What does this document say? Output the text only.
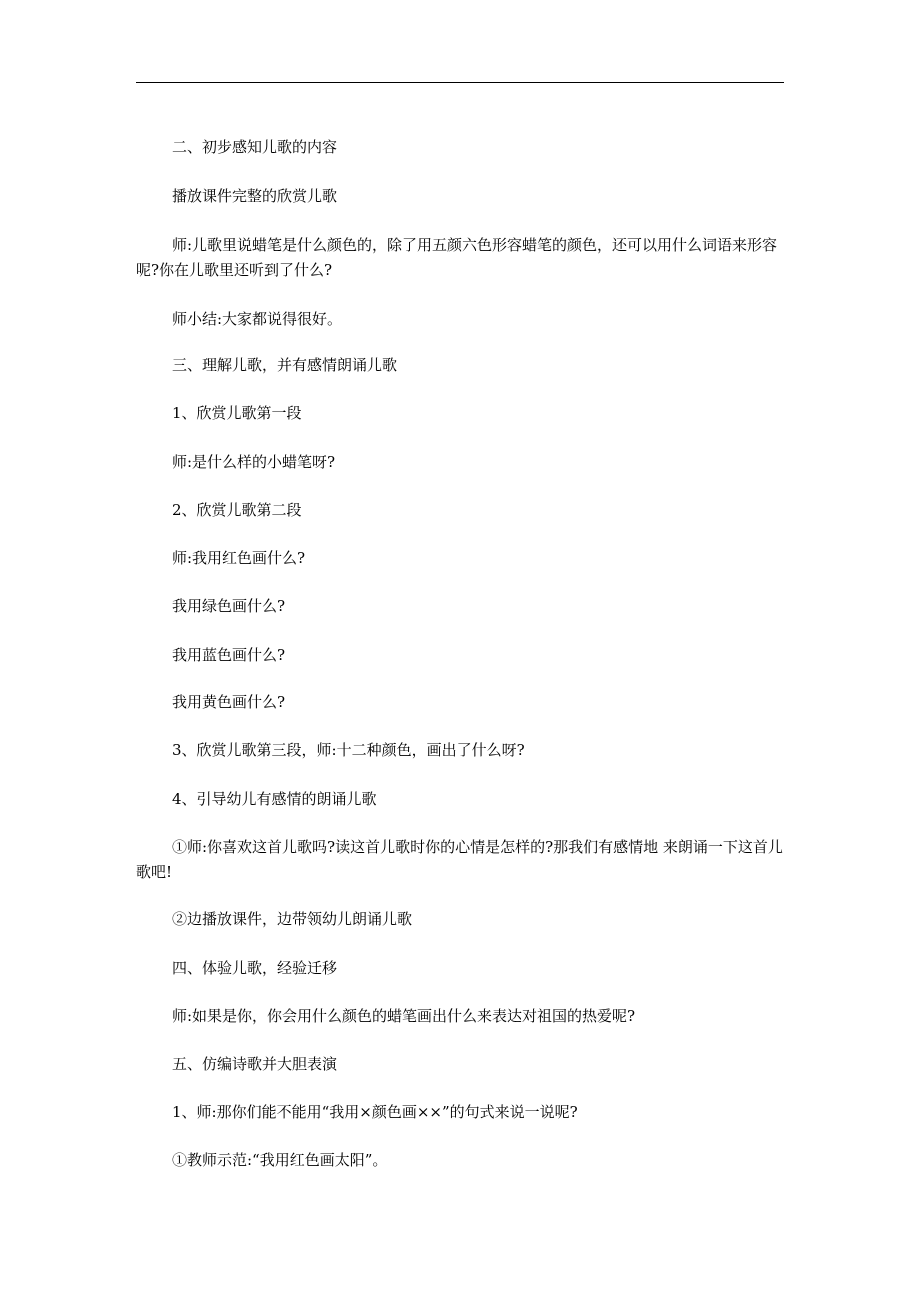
二、初步感知儿歌的内容
播放课件完整的欣赏儿歌
师:儿歌里说蜡笔是什么颜色的，除了用五颜六色形容蜡笔的颜色，还可以用什么词语来形容呢?你在儿歌里还听到了什么?
师小结:大家都说得很好。
三、理解儿歌，并有感情朗诵儿歌
1、欣赏儿歌第一段
师:是什么样的小蜡笔呀?
2、欣赏儿歌第二段
师:我用红色画什么?
我用绿色画什么?
我用蓝色画什么?
我用黄色画什么?
3、欣赏儿歌第三段，师:十二种颜色，画出了什么呀?
4、引导幼儿有感情的朗诵儿歌
①师:你喜欢这首儿歌吗?读这首儿歌时你的心情是怎样的?那我们有感情地 来朗诵一下这首儿歌吧!
②边播放课件，边带领幼儿朗诵儿歌
四、体验儿歌，经验迁移
师:如果是你，你会用什么颜色的蜡笔画出什么来表达对祖国的热爱呢?
五、仿编诗歌并大胆表演
1、师:那你们能不能用“我用×颜色画××”的句式来说一说呢?
①教师示范:“我用红色画太阳”。
